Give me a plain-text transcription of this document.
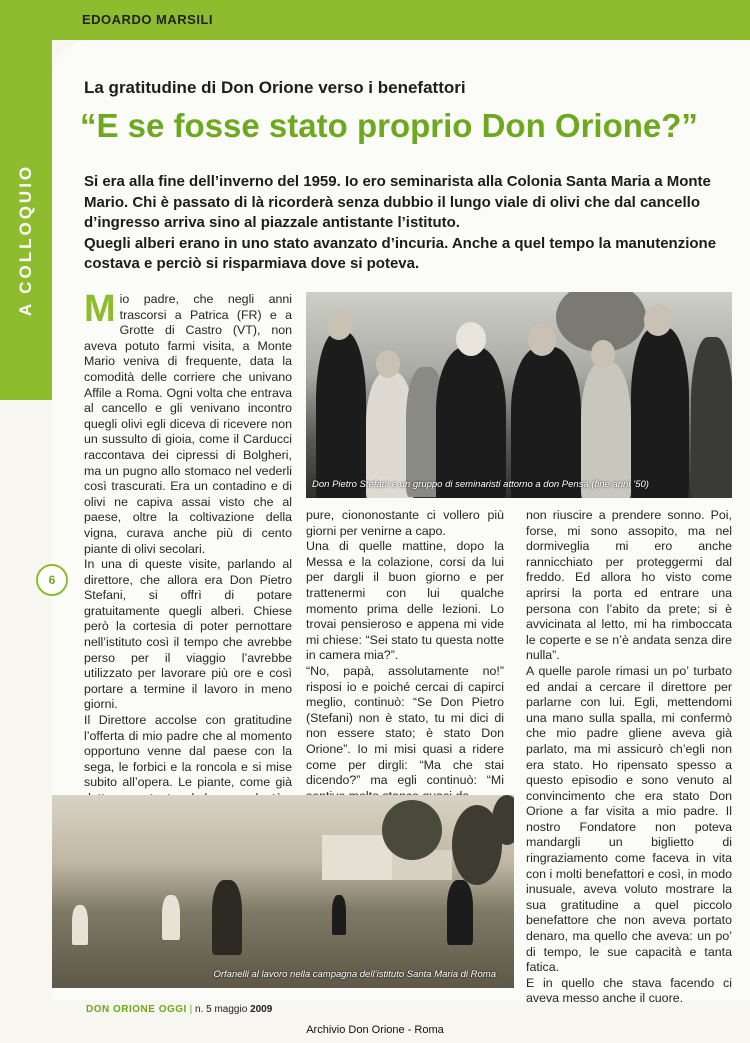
A COLLOQUIO
EDOARDO MARSILI
La gratitudine di Don Orione verso i benefattori
“E se fosse stato proprio Don Orione?”

Si era alla fine dell’inverno del 1959. Io ero seminarista alla Colonia Santa Maria a Monte Mario. Chi è passato di là ricorderà senza dubbio il lungo viale di olivi che dal cancello d’ingresso arriva sino al piazzale antistante l’istituto.

Quegli alberi erano in uno stato avanzato d’incuria. Anche a quel tempo la manutenzione costava e perciò si risparmiava dove si poteva.

Mio padre, che negli anni trascorsi a Patrica (FR) e a Grotte di Castro (VT), non aveva potuto farmi visita, a Monte Mario veniva di frequente, data la comodità delle corriere che univano Affile a Roma. Ogni volta che entrava al cancello e gli venivano incontro quegli olivi egli diceva di ricevere non un sussulto di gioia, come il Carducci raccontava dei cipressi di Bolgheri, ma un pugno allo stomaco nel vederli così trascurati. Era un contadino e di olivi ne capiva assai visto che al paese, oltre la coltivazione della vigna, curava anche più di cento piante di olivi secolari.

In una di queste visite, parlando al direttore, che allora era Don Pietro Stefani, si offrì di potare gratuitamente quegli alberi. Chiese però la cortesia di poter pernottare nell’istituto così il tempo che avrebbe perso per il viaggio l’avrebbe utilizzato per lavorare più ore e così portare a termine il lavoro in meno giorni.

Il Direttore accolse con gratitudine l’offerta di mio padre che al momento opportuno venne dal paese con la sega, le forbici e la roncola e si mise subito all’opera. Le piante, come già

Don Pietro Stefani e un gruppo di seminaristi attorno a don Pensa (fine anni ’50)

pure, ciononostante ci vollero più giorni per venirne a capo.

Una di quelle mattine, dopo la Messa e la colazione, corsi da lui per dargli il buon giorno e per trattenermi con lui qualche momento prima delle lezioni. Lo trovai pensieroso e appena mi vide mi chiese: “Sei stato tu questa notte in camera mia?”.

“No, papà, assolutamente no!” risposi io e poiché cercai di capirci meglio, continuò: “Se Don Pietro (Stefani) non è stato, tu mi dici di non essere stato; è stato Don Orione”. Io mi misi quasi a ridere come per dirgli: “Ma che stai dicendo?” ma egli continuò: “Mi

non riuscire a prendere sonno. Poi, forse, mi sono assopito, ma nel dormiveglia mi ero anche rannicchiato per proteggermi dal freddo. Ed allora ho visto come aprirsi la porta ed entrare una persona con l’abito da prete; si è avvicinata al letto, mi ha rimboccata le coperte e se n’è andata senza dire nulla”.

A quelle parole rimasi un po’ turbato ed andai a cercare il direttore per parlarne con lui. Egli, mettendomi una mano sulla spalla, mi confermò che mio padre gliene aveva già parlato, ma mi assicurò ch’egli non era stato. Ho ripensato spesso a questo episodio e sono venuto al convincimento che era stato Don Orione a far visita a mio padre. Il nostro Fondatore non poteva mandargli un biglietto di ringraziamento come faceva in vita con i molti benefattori e così, in modo inusuale, aveva voluto mostrare la sua gratitudine a quel piccolo benefattore che non aveva portato denaro, ma quello che aveva: un po’ di tempo, le sue capacità e tanta fatica.

E in quello che stava facendo ci aveva messo anche il cuore.

Orfanelli al lavoro nella campagna dell’istituto Santa Maria di Roma
6
DON ORIONE OGGI | n. 5 maggio 2009
Archivio Don Orione - Roma
